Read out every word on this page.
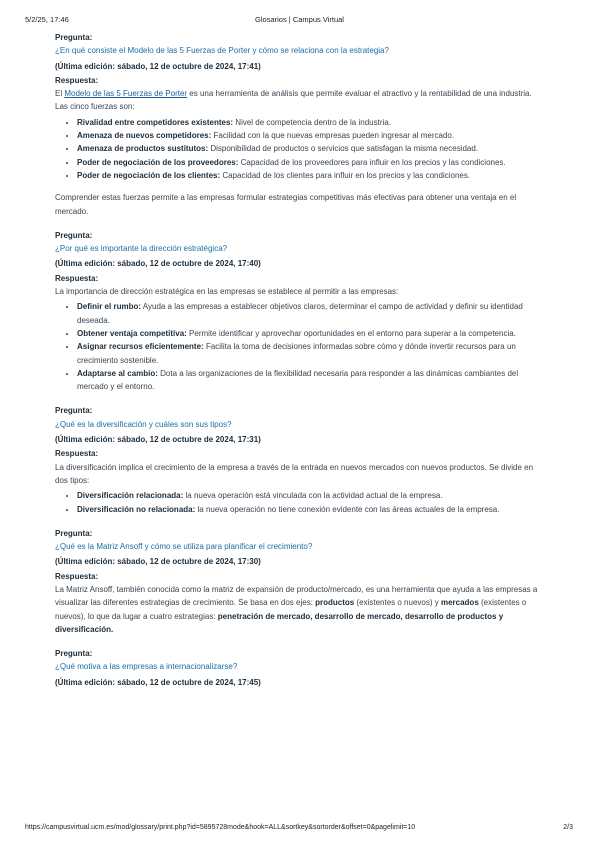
5/2/25, 17:46	Glosarios | Campus Virtual
Pregunta:
¿En qué consiste el Modelo de las 5 Fuerzas de Porter y cómo se relaciona con la estrategia?
(Última edición: sábado, 12 de octubre de 2024, 17:41)
Respuesta:

El Modelo de las 5 Fuerzas de Porter es una herramienta de análisis que permite evaluar el atractivo y la rentabilidad de una industria. Las cinco fuerzas son:

• Rivalidad entre competidores existentes: Nivel de competencia dentro de la industria.
• Amenaza de nuevos competidores: Facilidad con la que nuevas empresas pueden ingresar al mercado.
• Amenaza de productos sustitutos: Disponibilidad de productos o servicios que satisfagan la misma necesidad.
• Poder de negociación de los proveedores: Capacidad de los proveedores para influir en los precios y las condiciones.
• Poder de negociación de los clientes: Capacidad de los clientes para influir en los precios y las condiciones.

Comprender estas fuerzas permite a las empresas formular estrategias competitivas más efectivas para obtener una ventaja en el mercado.

Pregunta:
¿Por qué es importante la dirección estratégica?
(Última edición: sábado, 12 de octubre de 2024, 17:40)
Respuesta:

La importancia de dirección estratégica en las empresas se establece al permitir a las empresas:

• Definir el rumbo: Ayuda a las empresas a establecer objetivos claros, determinar el campo de actividad y definir su identidad deseada.
• Obtener ventaja competitiva: Permite identificar y aprovechar oportunidades en el entorno para superar a la competencia.
• Asignar recursos eficientemente: Facilita la toma de decisiones informadas sobre cómo y dónde invertir recursos para un crecimiento sostenible.
• Adaptarse al cambio: Dota a las organizaciones de la flexibilidad necesaria para responder a las dinámicas cambiantes del mercado y el entorno.
Pregunta:
¿Qué es la diversificación y cuáles son sus tipos?
(Última edición: sábado, 12 de octubre de 2024, 17:31)
Respuesta:

La diversificación implica el crecimiento de la empresa a través de la entrada en nuevos mercados con nuevos productos. Se divide en dos tipos:

• Diversificación relacionada: la nueva operación está vinculada con la actividad actual de la empresa.
• Diversificación no relacionada: la nueva operación no tiene conexión evidente con las áreas actuales de la empresa.
Pregunta:
¿Qué es la Matriz Ansoff y cómo se utiliza para planificar el crecimiento?
(Última edición: sábado, 12 de octubre de 2024, 17:30)
Respuesta:

La Matriz Ansoff, también conocida como la matriz de expansión de producto/mercado, es una herramienta que ayuda a las empresas a visualizar las diferentes estrategias de crecimiento. Se basa en dos ejes: productos (existentes o nuevos) y mercados (existentes o nuevos), lo que da lugar a cuatro estrategias: penetración de mercado, desarrollo de mercado, desarrollo de productos y diversificación.

Pregunta:
¿Qué motiva a las empresas a internacionalizarse?
(Última edición: sábado, 12 de octubre de 2024, 17:45)
https://campusvirtual.ucm.es/mod/glossary/print.php?id=5895728mode&hook=ALL&sortkey&sortorder&offset=0&pagelimit=10	2/3
